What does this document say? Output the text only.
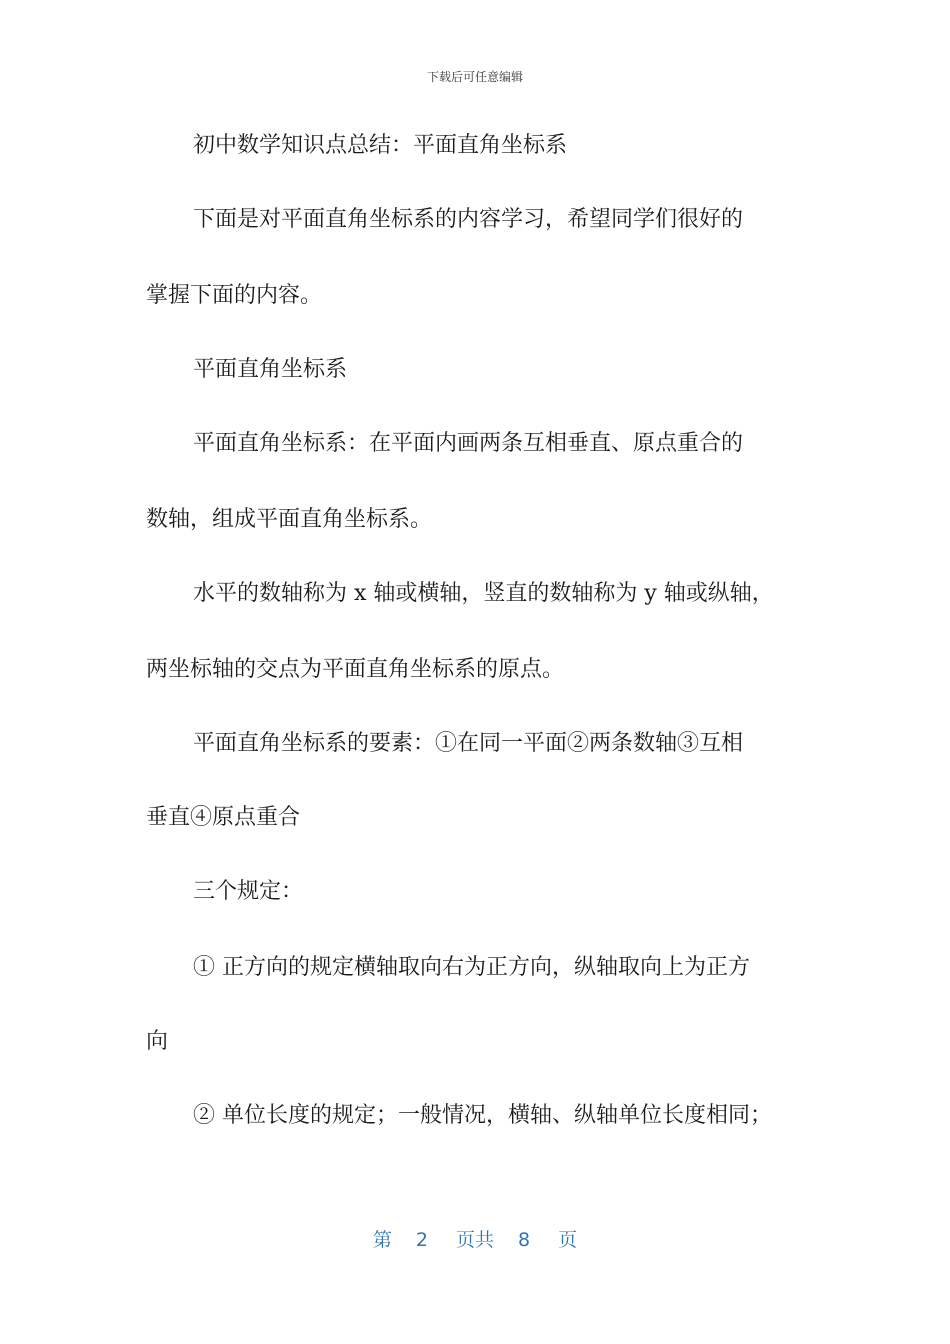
下载后可任意编辑
初中数学知识点总结：平面直角坐标系
下面是对平面直角坐标系的内容学习，希望同学们很好的
掌握下面的内容。
平面直角坐标系
平面直角坐标系：在平面内画两条互相垂直、原点重合的
数轴，组成平面直角坐标系。
水平的数轴称为 x 轴或横轴，竖直的数轴称为 y 轴或纵轴，
两坐标轴的交点为平面直角坐标系的原点。
平面直角坐标系的要素：①在同一平面②两条数轴③互相
垂直④原点重合
三个规定：
① 正方向的规定横轴取向右为正方向，纵轴取向上为正方
向
② 单位长度的规定；一般情况，横轴、纵轴单位长度相同；
第 2 页共 8 页
